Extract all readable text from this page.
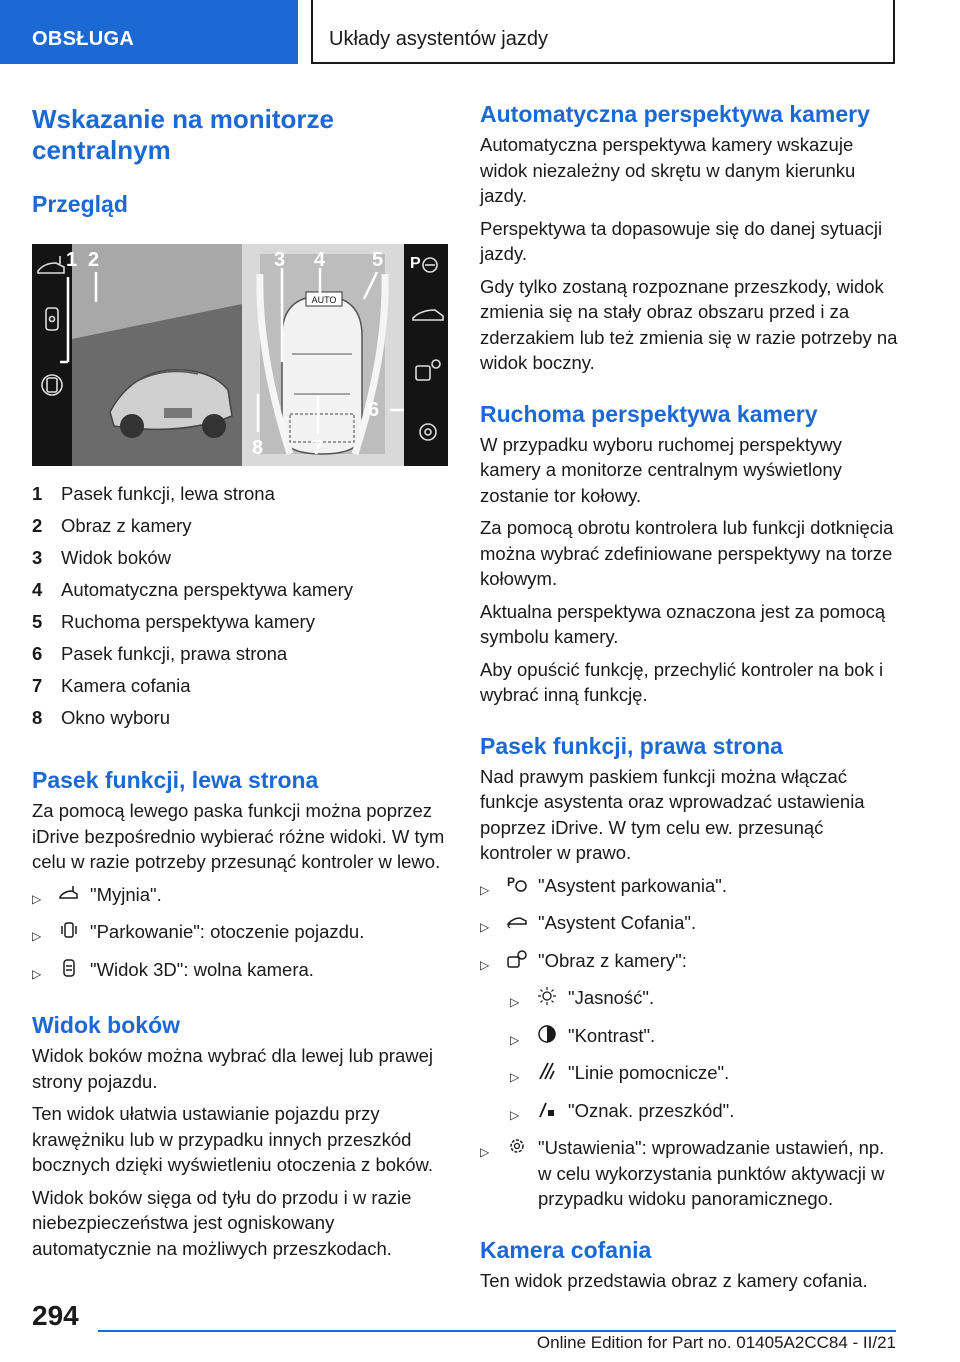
OBSŁUGA	Układy asystentów jazdy
Wskazanie na monitorze centralnym
Przegląd
AUTO
P
1 2	3 4 5
6
7
8
1	Pasek funkcji, lewa strona
2	Obraz z kamery
3	Widok boków
4	Automatyczna perspektywa kamery
5	Ruchoma perspektywa kamery
6	Pasek funkcji, prawa strona
7	Kamera cofania
8	Okno wyboru
Pasek funkcji, lewa strona

Za pomocą lewego paska funkcji można poprzez iDrive bezpośrednio wybierać różne widoki. W tym celu w razie potrzeby przesunąć kontroler w lewo.

▷	"Myjnia".
▷	"Parkowanie": otoczenie pojazdu.
▷	"Widok 3D": wolna kamera.
Widok boków

Widok boków można wybrać dla lewej lub prawej strony pojazdu.

Ten widok ułatwia ustawianie pojazdu przy krawężniku lub w przypadku innych przeszkód bocznych dzięki wyświetleniu otoczenia z boków.

Widok boków sięga od tyłu do przodu i w razie niebezpieczeństwa jest ogniskowany automatycznie na możliwych przeszkodach.

Automatyczna perspektywa kamery

Automatyczna perspektywa kamery wskazuje widok niezależny od skrętu w danym kierunku jazdy.

Perspektywa ta dopasowuje się do danej sytuacji jazdy.

Gdy tylko zostaną rozpoznane przeszkody, widok zmienia się na stały obraz obszaru przed i za zderzakiem lub też zmienia się w razie potrzeby na widok boczny.

Ruchoma perspektywa kamery

W przypadku wyboru ruchomej perspektywy kamery a monitorze centralnym wyświetlony zostanie tor kołowy.

Za pomocą obrotu kontrolera lub funkcji dotknięcia można wybrać zdefiniowane perspektywy na torze kołowym.

Aktualna perspektywa oznaczona jest za pomocą symbolu kamery.

Aby opuścić funkcję, przechylić kontroler na bok i wybrać inną funkcję.

Pasek funkcji, prawa strona

Nad prawym paskiem funkcji można włączać funkcje asystenta oraz wprowadzać ustawienia poprzez iDrive. W tym celu ew. przesunąć kontroler w prawo.

▷
P "Asystent parkowania".
▷	"Asystent Cofania".
▷	"Obraz z kamery":
▷	"Jasność".
▷	"Kontrast".
▷	"Linie pomocnicze".
▷	"Oznak. przeszkód".
▷	"Ustawienia": wprowadzanie ustawień, np. w celu wykorzystania punktów aktywacji w przypadku widoku panoramicznego.
Kamera cofania

Ten widok przedstawia obraz z kamery cofania.

294
Online Edition for Part no. 01405A2CC84 - II/21
